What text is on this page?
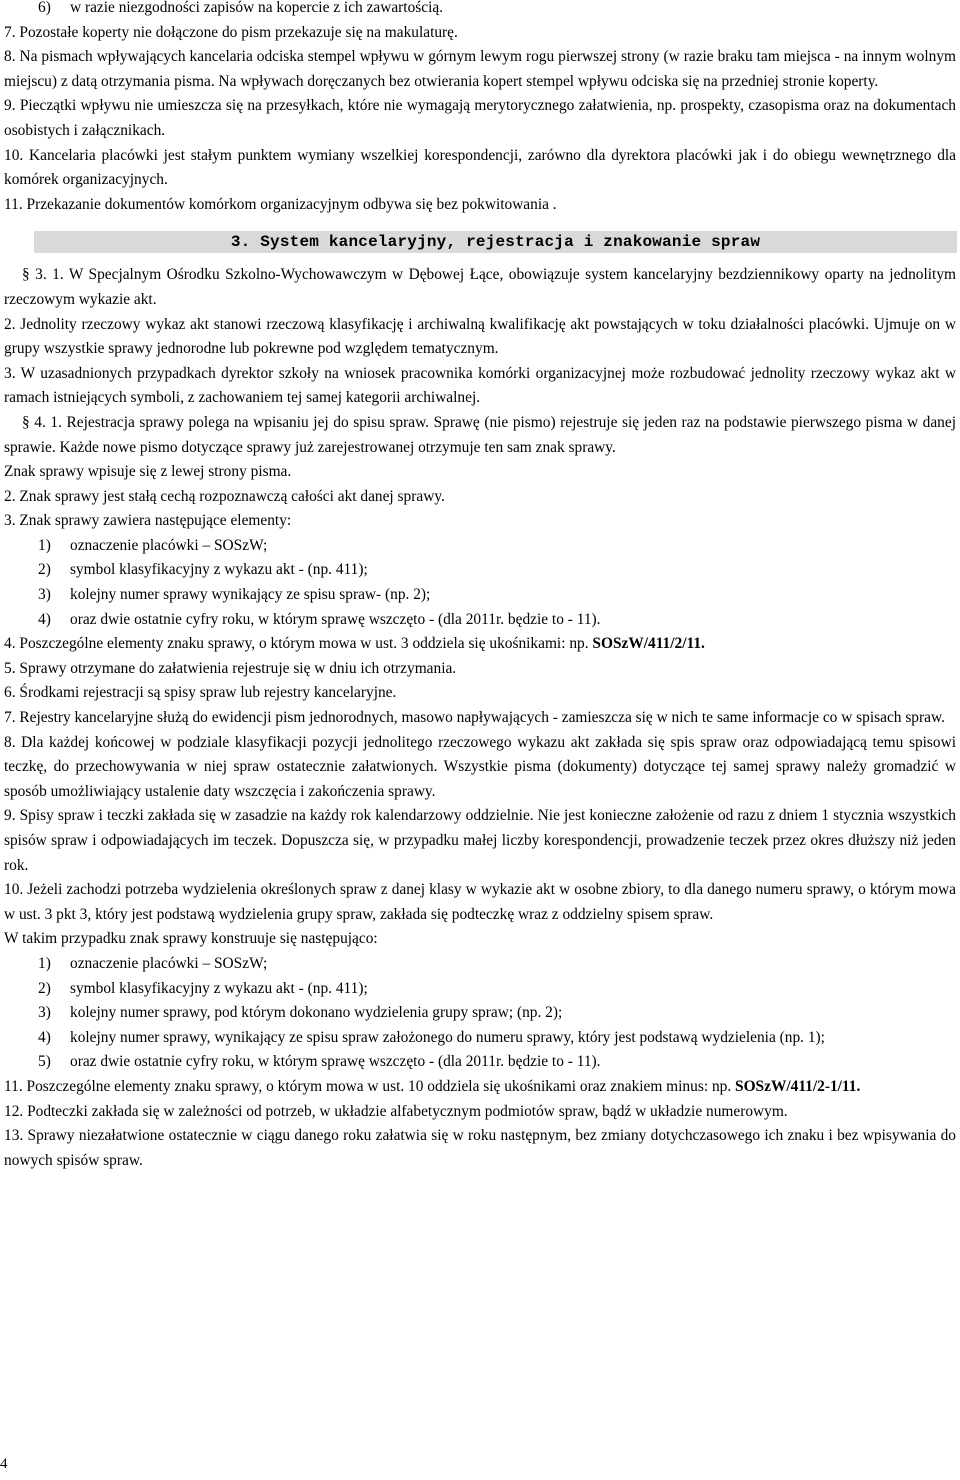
6) w razie niezgodności zapisów na kopercie z ich zawartością.

7. Pozostałe koperty nie dołączone do pism przekazuje się na makulaturę.

8. Na pismach wpływających kancelaria odciska stempel wpływu w górnym lewym rogu pierwszej strony (w razie braku tam miejsca - na innym wolnym miejscu) z datą otrzymania pisma. Na wpływach doręczanych bez otwierania kopert stempel wpływu odciska się na przedniej stronie koperty.

9. Pieczątki wpływu nie umieszcza się na przesyłkach, które nie wymagają merytorycznego załatwienia, np. prospekty, czasopisma oraz na dokumentach osobistych i załącznikach.

10. Kancelaria placówki jest stałym punktem wymiany wszelkiej korespondencji, zarówno dla dyrektora placówki jak i do obiegu wewnętrznego dla komórek organizacyjnych.

11. Przekazanie dokumentów komórkom organizacyjnym odbywa się bez pokwitowania .

3. System kancelaryjny, rejestracja i znakowanie spraw

§ 3. 1. W Specjalnym Ośrodku Szkolno-Wychowawczym w Dębowej Łące, obowiązuje system kancelaryjny bezdziennikowy oparty na jednolitym rzeczowym wykazie akt.

2. Jednolity rzeczowy wykaz akt stanowi rzeczową klasyfikację i archiwalną kwalifikację akt powstających w toku działalności placówki. Ujmuje on w grupy wszystkie sprawy jednorodne lub pokrewne pod względem tematycznym.

3. W uzasadnionych przypadkach dyrektor szkoły na wniosek pracownika komórki organizacyjnej może rozbudować jednolity rzeczowy wykaz akt w ramach istniejących symboli, z zachowaniem tej samej kategorii archiwalnej.

§ 4. 1. Rejestracja sprawy polega na wpisaniu jej do spisu spraw. Sprawę (nie pismo) rejestruje się jeden raz na podstawie pierwszego pisma w danej sprawie. Każde nowe pismo dotyczące sprawy już zarejestrowanej otrzymuje ten sam znak sprawy.

Znak sprawy wpisuje się z lewej strony pisma.

2. Znak sprawy jest stałą cechą rozpoznawczą całości akt danej sprawy.

3. Znak sprawy zawiera następujące elementy:

1) oznaczenie placówki – SOSzW;

2) symbol klasyfikacyjny z wykazu akt - (np. 411);

3) kolejny numer sprawy wynikający ze spisu spraw- (np. 2);

4) oraz dwie ostatnie cyfry roku, w którym sprawę wszczęto - (dla 2011r. będzie to - 11).

4. Poszczególne elementy znaku sprawy, o którym mowa w ust. 3 oddziela się ukośnikami: np. SOSzW/411/2/11.

5. Sprawy otrzymane do załatwienia rejestruje się w dniu ich otrzymania.

6. Środkami rejestracji są spisy spraw lub rejestry kancelaryjne.

7. Rejestry kancelaryjne służą do ewidencji pism jednorodnych, masowo napływających - zamieszcza się w nich te same informacje co w spisach spraw.

8. Dla każdej końcowej w podziale klasyfikacji pozycji jednolitego rzeczowego wykazu akt zakłada się spis spraw oraz odpowiadającą temu spisowi teczkę, do przechowywania w niej spraw ostatecznie załatwionych. Wszystkie pisma (dokumenty) dotyczące tej samej sprawy należy gromadzić w sposób umożliwiający ustalenie daty wszczęcia i zakończenia sprawy.

9. Spisy spraw i teczki zakłada się w zasadzie na każdy rok kalendarzowy oddzielnie. Nie jest konieczne założenie od razu z dniem 1 stycznia wszystkich spisów spraw i odpowiadających im teczek. Dopuszcza się, w przypadku małej liczby korespondencji, prowadzenie teczek przez okres dłuższy niż jeden rok.

10. Jeżeli zachodzi potrzeba wydzielenia określonych spraw z danej klasy w wykazie akt w osobne zbiory, to dla danego numeru sprawy, o którym mowa w ust. 3 pkt 3, który jest podstawą wydzielenia grupy spraw, zakłada się podteczkę wraz z oddzielny spisem spraw.

W takim przypadku znak sprawy konstruuje się następująco:

1) oznaczenie placówki – SOSzW;

2) symbol klasyfikacyjny z wykazu akt - (np. 411);

3) kolejny numer sprawy, pod którym dokonano wydzielenia grupy spraw; (np. 2);

4) kolejny numer sprawy, wynikający ze spisu spraw założonego do numeru sprawy, który jest podstawą wydzielenia (np. 1);

5) oraz dwie ostatnie cyfry roku, w którym sprawę wszczęto - (dla 2011r. będzie to - 11).

11. Poszczególne elementy znaku sprawy, o którym mowa w ust. 10 oddziela się ukośnikami oraz znakiem minus: np. SOSzW/411/2-1/11.

12. Podteczki zakłada się w zależności od potrzeb, w układzie alfabetycznym podmiotów spraw, bądź w układzie numerowym.

13. Sprawy niezałatwione ostatecznie w ciągu danego roku załatwia się w roku następnym, bez zmiany dotychczasowego ich znaku i bez wpisywania do nowych spisów spraw.

4
